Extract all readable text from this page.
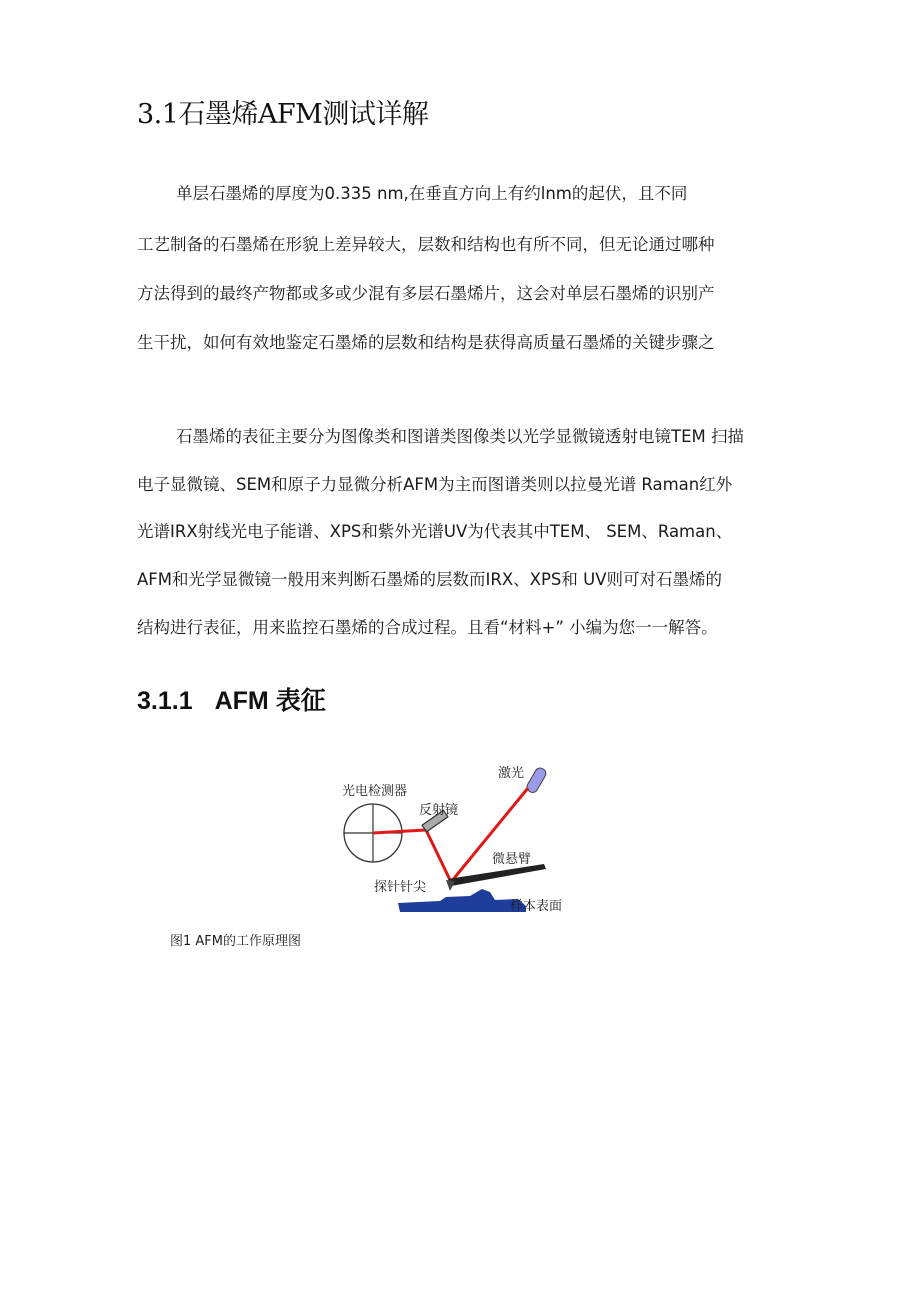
3.1石墨烯AFM测试详解
单层石墨烯的厚度为0.335 nm,在垂直方向上有约lnm的起伏，且不同
工艺制备的石墨烯在形貌上差异较大，层数和结构也有所不同，但无论通过哪种
方法得到的最终产物都或多或少混有多层石墨烯片，这会对单层石墨烯的识别产
生干扰，如何有效地鉴定石墨烯的层数和结构是获得高质量石墨烯的关键步骤之
石墨烯的表征主要分为图像类和图谱类图像类以光学显微镜透射电镜TEM 扫描
电子显微镜、SEM和原子力显微分析AFM为主而图谱类则以拉曼光谱 Raman红外
光谱IRX射线光电子能谱、XPS和紫外光谱UV为代表其中TEM、 SEM、Raman、
AFM和光学显微镜一般用来判断石墨烯的层数而IRX、XPS和 UV则可对石墨烯的
结构进行表征，用来监控石墨烯的合成过程。且看“材料+” 小编为您一一解答。
3.1.1 AFM 表征
光电检测器
反射镜
激光
微悬臂
探针针尖
样本表面
图1 AFM的工作原理图
